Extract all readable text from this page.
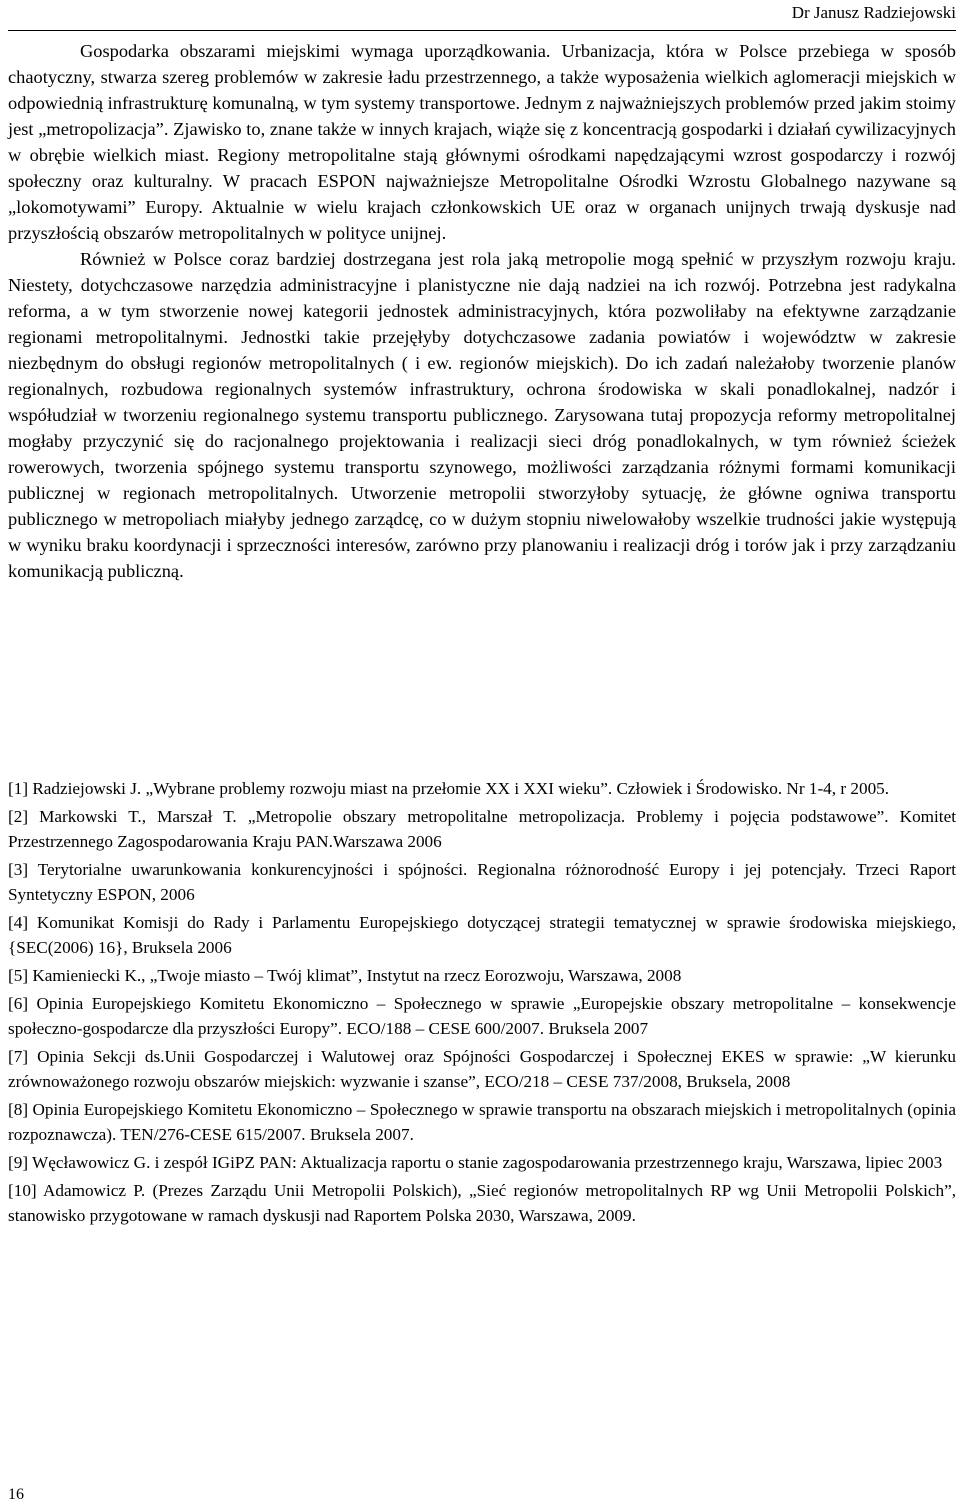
Dr Janusz Radziejowski

Gospodarka obszarami miejskimi wymaga uporządkowania. Urbanizacja, która w Polsce przebiega w sposób chaotyczny, stwarza szereg problemów w zakresie ładu przestrzennego, a także wyposażenia wielkich aglomeracji miejskich w odpowiednią infrastrukturę komunalną, w tym systemy transportowe. Jednym z najważniejszych problemów przed jakim stoimy jest „metropolizacja”. Zjawisko to, znane także w innych krajach, wiąże się z koncentracją gospodarki i działań cywilizacyjnych w obrębie wielkich miast. Regiony metropolitalne stają głównymi ośrodkami napędzającymi wzrost gospodarczy i rozwój społeczny oraz kulturalny. W pracach ESPON najważniejsze Metropolitalne Ośrodki Wzrostu Globalnego nazywane są „lokomotywami” Europy. Aktualnie w wielu krajach członkowskich UE oraz w organach unijnych trwają dyskusje nad przyszłością obszarów metropolitalnych w polityce unijnej.

Również w Polsce coraz bardziej dostrzegana jest rola jaką metropolie mogą spełnić w przyszłym rozwoju kraju. Niestety, dotychczasowe narzędzia administracyjne i planistyczne nie dają nadziei na ich rozwój. Potrzebna jest radykalna reforma, a w tym stworzenie nowej kategorii jednostek administracyjnych, która pozwoliłaby na efektywne zarządzanie regionami metropolitalnymi. Jednostki takie przejęłyby dotychczasowe zadania powiatów i województw w zakresie niezbędnym do obsługi regionów metropolitalnych ( i ew. regionów miejskich). Do ich zadań należałoby tworzenie planów regionalnych, rozbudowa regionalnych systemów infrastruktury, ochrona środowiska w skali ponadlokalnej, nadzór i współudział w tworzeniu regionalnego systemu transportu publicznego. Zarysowana tutaj propozycja reformy metropolitalnej mogłaby przyczynić się do racjonalnego projektowania i realizacji sieci dróg ponadlokalnych, w tym również ścieżek rowerowych, tworzenia spójnego systemu transportu szynowego, możliwości zarządzania różnymi formami komunikacji publicznej w regionach metropolitalnych. Utworzenie metropolii stworzyłoby sytuację, że główne ogniwa transportu publicznego w metropoliach miałyby jednego zarządcę, co w dużym stopniu niwelowałoby wszelkie trudności jakie występują w wyniku braku koordynacji i sprzeczności interesów, zarówno przy planowaniu i realizacji dróg i torów jak i przy zarządzaniu komunikacją publiczną.

[1] Radziejowski J. „Wybrane problemy rozwoju miast na przełomie XX i XXI wieku”. Człowiek i Środowisko. Nr 1-4, r 2005.

[2] Markowski T., Marszał T. „Metropolie obszary metropolitalne metropolizacja. Problemy i pojęcia podstawowe”. Komitet Przestrzennego Zagospodarowania Kraju PAN.Warszawa 2006

[3] Terytorialne uwarunkowania konkurencyjności i spójności. Regionalna różnorodność Europy i jej potencjały. Trzeci Raport Syntetyczny ESPON, 2006

[4] Komunikat Komisji do Rady i Parlamentu Europejskiego dotyczącej strategii tematycznej w sprawie środowiska miejskiego, {SEC(2006) 16}, Bruksela 2006

[5] Kamieniecki K., „Twoje miasto – Twój klimat”, Instytut na rzecz Eorozwoju, Warszawa, 2008

[6] Opinia Europejskiego Komitetu Ekonomiczno – Społecznego w sprawie „Europejskie obszary metropolitalne – konsekwencje społeczno-gospodarcze dla przyszłości Europy”. ECO/188 – CESE 600/2007. Bruksela 2007

[7] Opinia Sekcji ds.Unii Gospodarczej i Walutowej oraz Spójności Gospodarczej i Społecznej EKES w sprawie: „W kierunku zrównoważonego rozwoju obszarów miejskich: wyzwanie i szanse”, ECO/218 – CESE 737/2008, Bruksela, 2008

[8] Opinia Europejskiego Komitetu Ekonomiczno – Społecznego w sprawie transportu na obszarach miejskich i metropolitalnych (opinia rozpoznawcza). TEN/276-CESE 615/2007. Bruksela 2007.

[9] Węcławowicz G. i zespół IGiPZ PAN: Aktualizacja raportu o stanie zagospodarowania przestrzennego kraju, Warszawa, lipiec 2003

[10] Adamowicz P. (Prezes Zarządu Unii Metropolii Polskich), „Sieć regionów metropolitalnych RP wg Unii Metropolii Polskich”, stanowisko przygotowane w ramach dyskusji nad Raportem Polska 2030, Warszawa, 2009.

16
